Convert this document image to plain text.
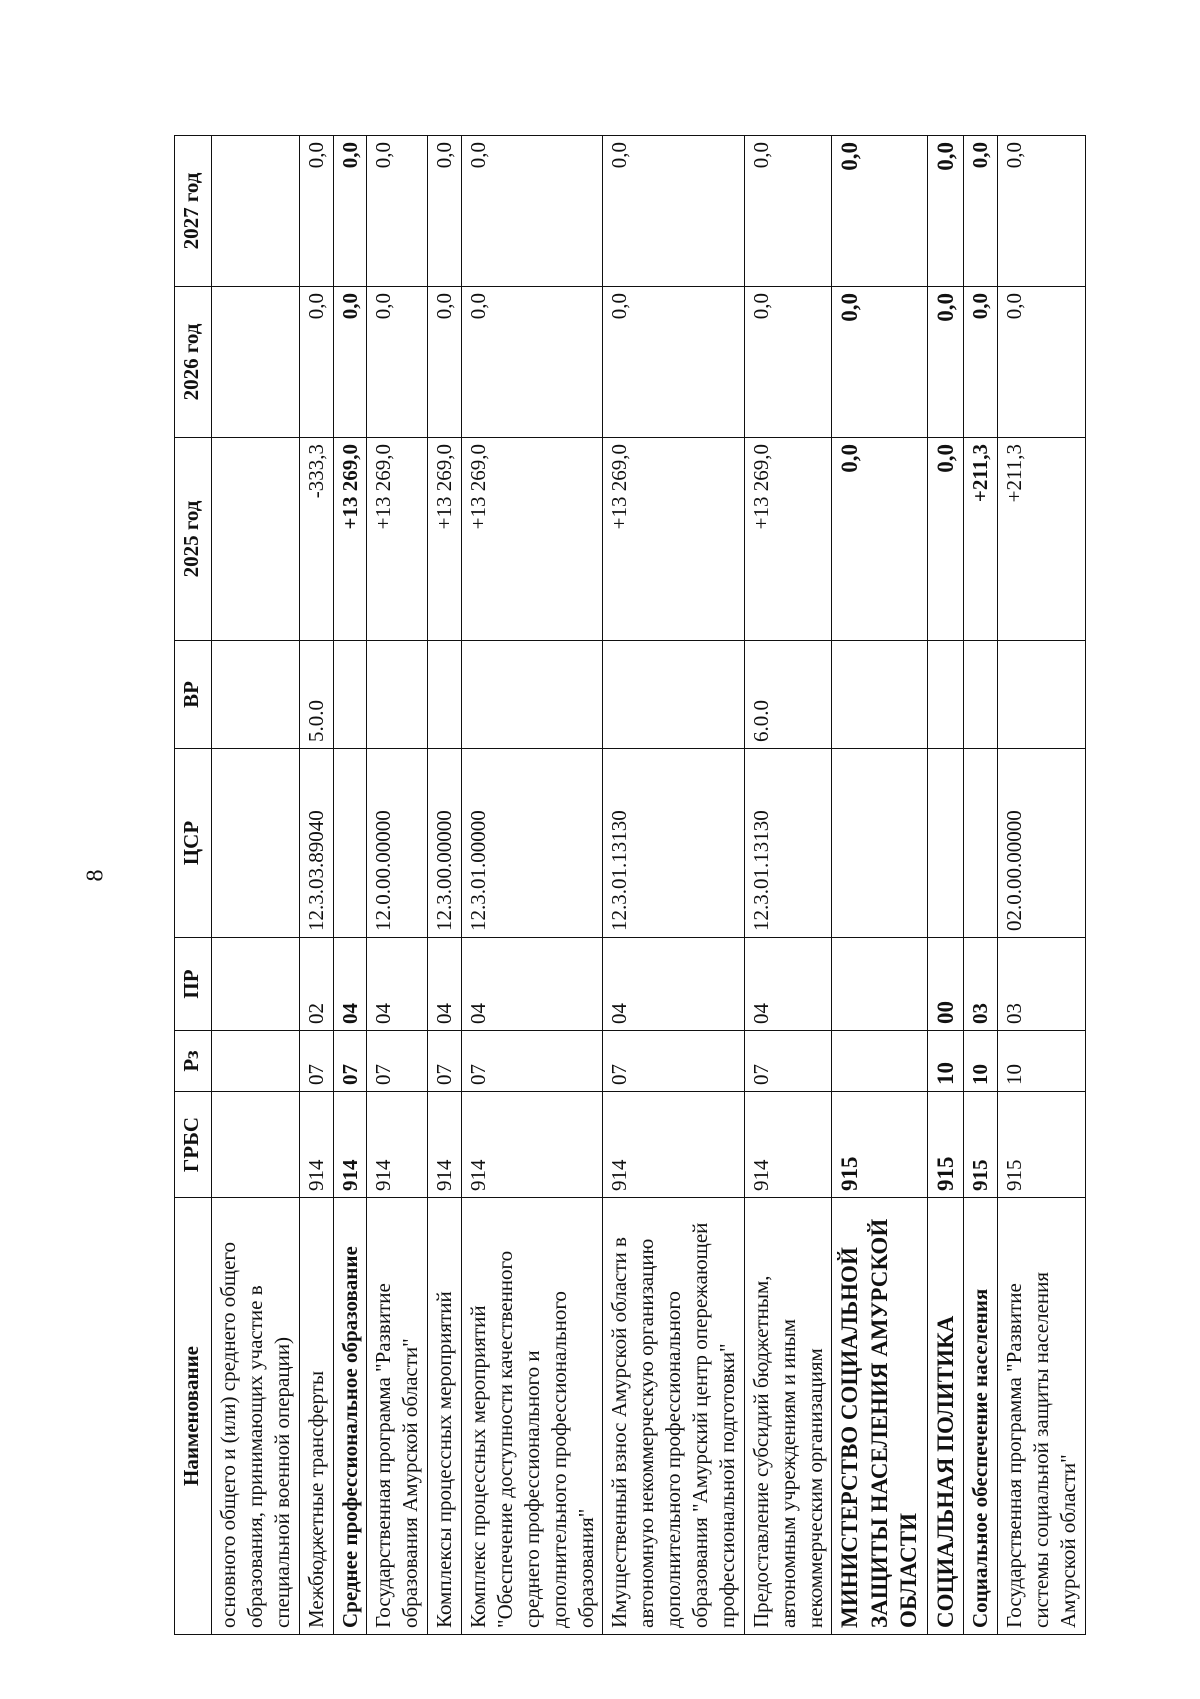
8
Наименование	ГРБС	Рз	ПР	ЦСР	ВР	2025 год	2026 год	2027 год
основного общего и (или) среднего общего образования, принимающих участие в специальной военной операции)								
Межбюджетные трансферты	914	07	02	12.3.03.89040	5.0.0	-333,3	0,0	0,0
Среднее профессиональное образование	914	07	04			+13 269,0	0,0	0,0
Государственная программа "Развитие образования Амурской области"	914	07	04	12.0.00.00000		+13 269,0	0,0	0,0
Комплексы процессных мероприятий	914	07	04	12.3.00.00000		+13 269,0	0,0	0,0
Комплекс процессных мероприятий "Обеспечение доступности качественного среднего профессионального и дополнительного профессионального образования"	914	07	04	12.3.01.00000		+13 269,0	0,0	0,0
Имущественный взнос Амурской области в автономную некоммерческую организацию дополнительного профессионального образования "Амурский центр опережающей профессиональной подготовки"	914	07	04	12.3.01.13130		+13 269,0	0,0	0,0
Предоставление субсидий бюджетным, автономным учреждениям и иным некоммерческим организациям	914	07	04	12.3.01.13130	6.0.0	+13 269,0	0,0	0,0
МИНИСТЕРСТВО СОЦИАЛЬНОЙ ЗАЩИТЫ НАСЕЛЕНИЯ АМУРСКОЙ ОБЛАСТИ	915					0,0	0,0	0,0
СОЦИАЛЬНАЯ ПОЛИТИКА	915	10	00			0,0	0,0	0,0
Социальное обеспечение населения	915	10	03			+211,3	0,0	0,0
Государственная программа "Развитие системы социальной защиты населения Амурской области"	915	10	03	02.0.00.00000		+211,3	0,0	0,0
